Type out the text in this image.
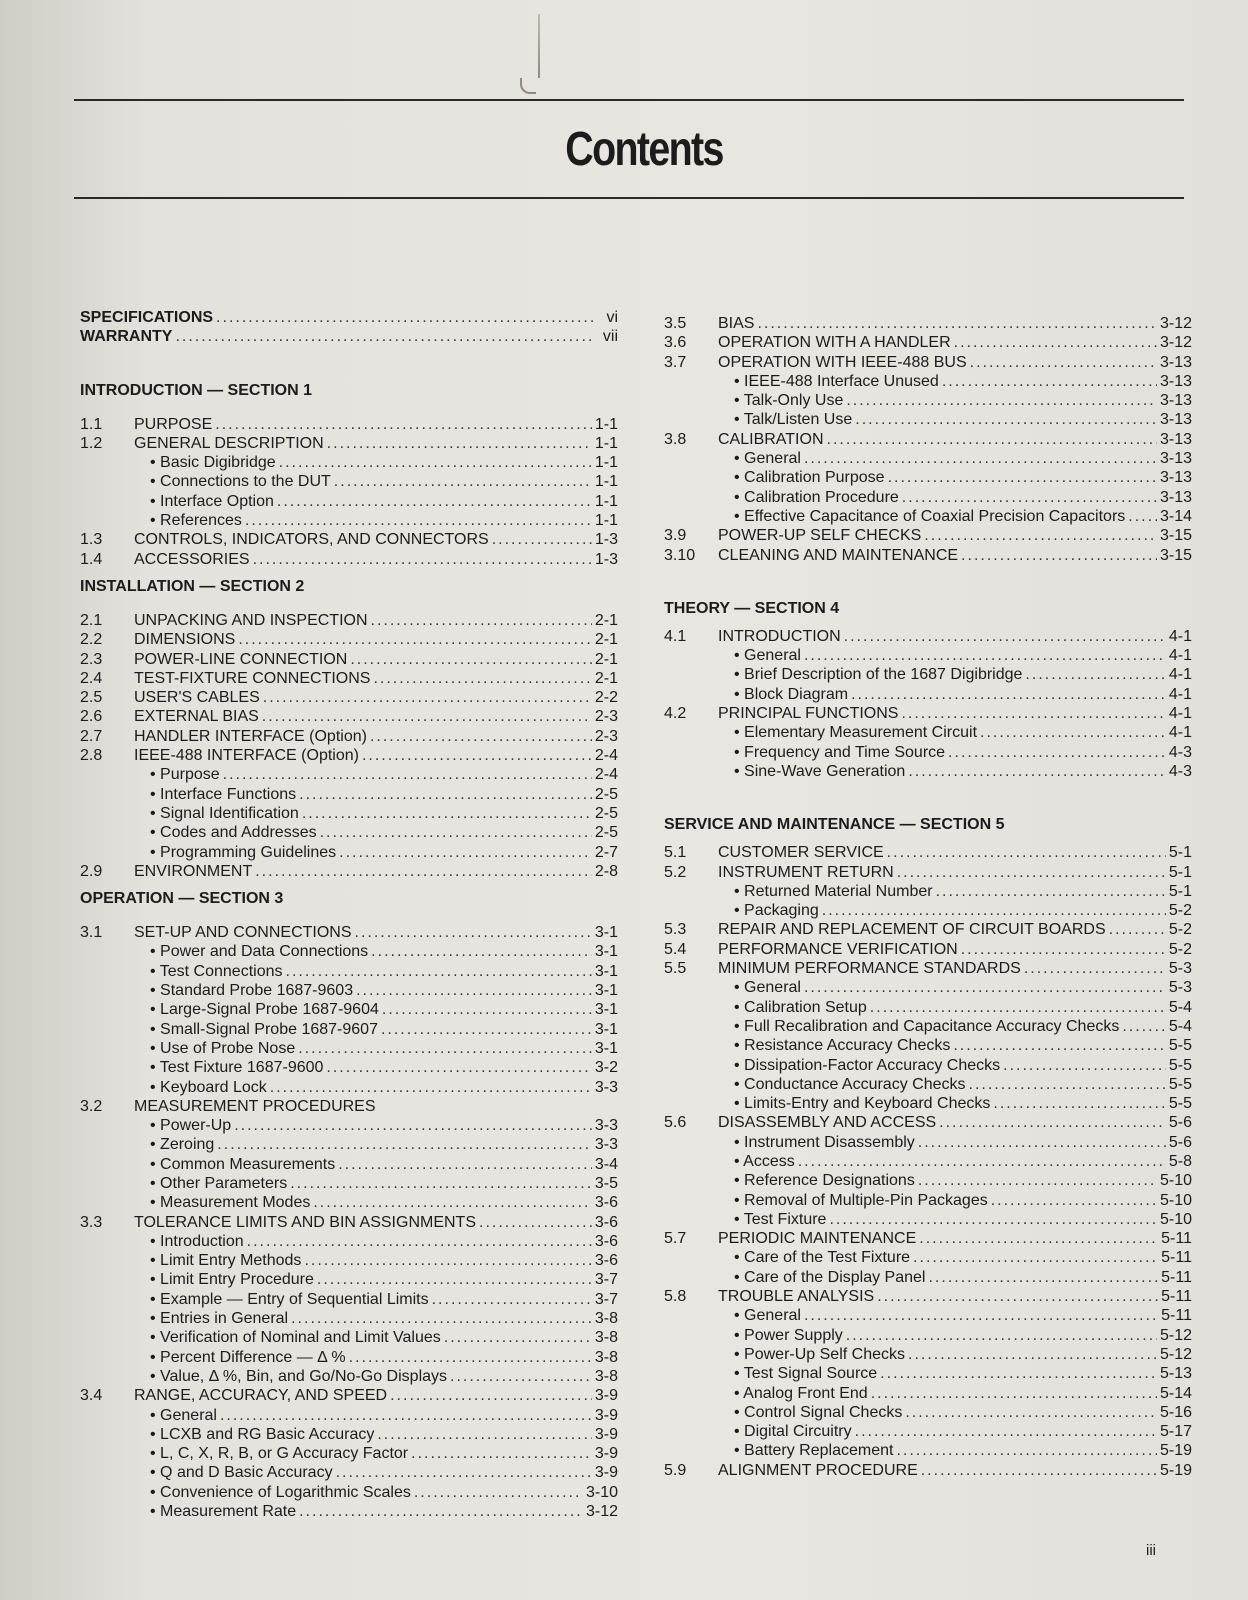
Contents
SPECIFICATIONS .....	vi
WARRANTY .....	vii
INTRODUCTION — SECTION 1
1.1	PURPOSE .....	1-1
1.2	GENERAL DESCRIPTION .....	1-1
• Basic Digibridge .....	1-1
• Connections to the DUT .....	1-1
• Interface Option .....	1-1
• References .....	1-1
1.3	CONTROLS, INDICATORS, AND CONNECTORS .....	1-3
1.4	ACCESSORIES .....	1-3
INSTALLATION — SECTION 2
2.1	UNPACKING AND INSPECTION .....	2-1
2.2	DIMENSIONS .....	2-1
2.3	POWER-LINE CONNECTION .....	2-1
2.4	TEST-FIXTURE CONNECTIONS .....	2-1
2.5	USER'S CABLES .....	2-2
2.6	EXTERNAL BIAS .....	2-3
2.7	HANDLER INTERFACE (Option) .....	2-3
2.8	IEEE-488 INTERFACE (Option) .....	2-4
• Purpose .....	2-4
• Interface Functions .....	2-5
• Signal Identification .....	2-5
• Codes and Addresses .....	2-5
• Programming Guidelines .....	2-7
2.9	ENVIRONMENT .....	2-8
OPERATION — SECTION 3
3.1	SET-UP AND CONNECTIONS .....	3-1
• Power and Data Connections .....	3-1
• Test Connections .....	3-1
• Standard Probe 1687-9603 .....	3-1
• Large-Signal Probe 1687-9604 .....	3-1
• Small-Signal Probe 1687-9607 .....	3-1
• Use of Probe Nose .....	3-1
• Test Fixture 1687-9600 .....	3-2
• Keyboard Lock .....	3-3
3.2	MEASUREMENT PROCEDURES
• Power-Up .....	3-3
• Zeroing .....	3-3
• Common Measurements .....	3-4
• Other Parameters .....	3-5
• Measurement Modes .....	3-6
3.3	TOLERANCE LIMITS AND BIN ASSIGNMENTS .....	3-6
• Introduction .....	3-6
• Limit Entry Methods .....	3-6
• Limit Entry Procedure .....	3-7
• Example — Entry of Sequential Limits .....	3-7
• Entries in General .....	3-8
• Verification of Nominal and Limit Values .....	3-8
• Percent Difference — Δ % .....	3-8
• Value, Δ %, Bin, and Go/No-Go Displays .....	3-8
3.4	RANGE, ACCURACY, AND SPEED .....	3-9
• General .....	3-9
• LCXB and RG Basic Accuracy .....	3-9
• L, C, X, R, B, or G Accuracy Factor .....	3-9
• Q and D Basic Accuracy .....	3-9
• Convenience of Logarithmic Scales .....	3-10
• Measurement Rate .....	3-12
3.5	BIAS .....	3-12
3.6	OPERATION WITH A HANDLER .....	3-12
3.7	OPERATION WITH IEEE-488 BUS .....	3-13
• IEEE-488 Interface Unused .....	3-13
• Talk-Only Use .....	3-13
• Talk/Listen Use .....	3-13
3.8	CALIBRATION .....	3-13
• General .....	3-13
• Calibration Purpose .....	3-13
• Calibration Procedure .....	3-13
• Effective Capacitance of Coaxial Precision Capacitors ..... 3-14
3.9	POWER-UP SELF CHECKS .....	3-15
3.10	CLEANING AND MAINTENANCE .....	3-15
THEORY — SECTION 4
4.1	INTRODUCTION .....	4-1
• General .....	4-1
• Brief Description of the 1687 Digibridge .....	4-1
• Block Diagram .....	4-1
4.2	PRINCIPAL FUNCTIONS .....	4-1
• Elementary Measurement Circuit .....	4-1
• Frequency and Time Source .....	4-3
• Sine-Wave Generation .....	4-3
SERVICE AND MAINTENANCE — SECTION 5
5.1	CUSTOMER SERVICE .....	5-1
5.2	INSTRUMENT RETURN .....	5-1
• Returned Material Number .....	5-1
• Packaging .....	5-2
5.3	REPAIR AND REPLACEMENT OF CIRCUIT BOARDS .....	5-2
5.4	PERFORMANCE VERIFICATION .....	5-2
5.5	MINIMUM PERFORMANCE STANDARDS .....	5-3
• General .....	5-3
• Calibration Setup .....	5-4
• Full Recalibration and Capacitance Accuracy Checks .....	5-4
• Resistance Accuracy Checks .....	5-5
• Dissipation-Factor Accuracy Checks .....	5-5
• Conductance Accuracy Checks .....	5-5
• Limits-Entry and Keyboard Checks .....	5-5
5.6	DISASSEMBLY AND ACCESS .....	5-6
• Instrument Disassembly .....	5-6
• Access .....	5-8
• Reference Designations .....	5-10
• Removal of Multiple-Pin Packages .....	5-10
• Test Fixture .....	5-10
5.7	PERIODIC MAINTENANCE .....	5-11
• Care of the Test Fixture .....	5-11
• Care of the Display Panel .....	5-11
5.8	TROUBLE ANALYSIS .....	5-11
• General .....	5-11
• Power Supply .....	5-12
• Power-Up Self Checks .....	5-12
• Test Signal Source .....	5-13
• Analog Front End .....	5-14
• Control Signal Checks .....	5-16
• Digital Circuitry .....	5-17
• Battery Replacement .....	5-19
5.9	ALIGNMENT PROCEDURE .....	5-19
iii
